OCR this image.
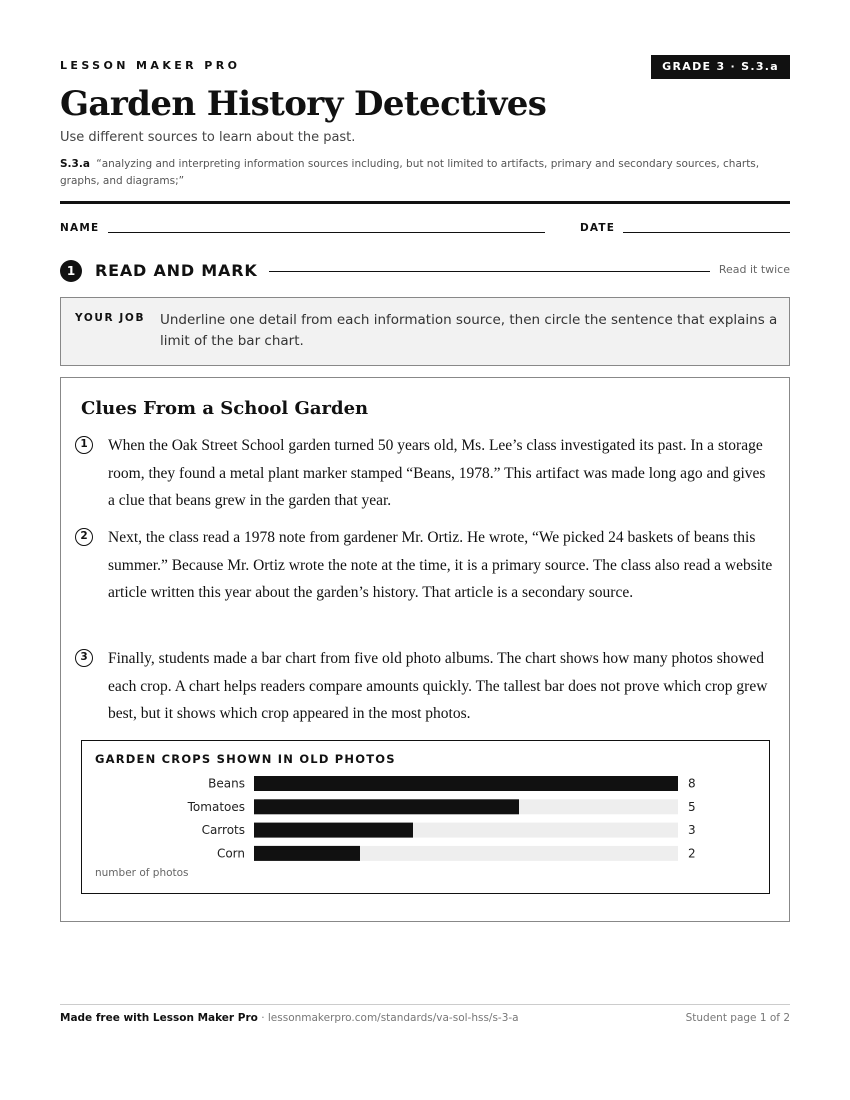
LESSON MAKER PRO	GRADE 3 · S.3.a
Garden History Detectives
Use different sources to learn about the past.
S.3.a “analyzing and interpreting information sources including, but not limited to artifacts, primary and secondary sources, charts, graphs, and diagrams;”
NAME	DATE
1	READ AND MARK	Read it twice
YOUR JOB Underline one detail from each information source, then circle the sentence that explains a limit of the bar chart.
Clues From a School Garden
1	When the Oak Street School garden turned 50 years old, Ms. Lee’s class investigated its past. In a storage room, they found a metal plant marker stamped “Beans, 1978.” This artifact was made long ago and gives a clue that beans grew in the garden that year.
2	Next, the class read a 1978 note from gardener Mr. Ortiz. He wrote, “We picked 24 baskets of beans this summer.” Because Mr. Ortiz wrote the note at the time, it is a primary source. The class also read a website article written this year about the garden’s history. That article is a secondary source.
3	Finally, students made a bar chart from five old photo albums. The chart shows how many photos showed each crop. A chart helps readers compare amounts quickly. The tallest bar does not prove which crop grew best, but it shows which crop appeared in the most photos.
GARDEN CROPS SHOWN IN OLD PHOTOS
Beans	8
Tomatoes	5
Carrots	3
Corn	2
number of photos
Made free with Lesson Maker Pro · lessonmakerpro.com/standards/va-sol-hss/s-3-a	Student page 1 of 2
